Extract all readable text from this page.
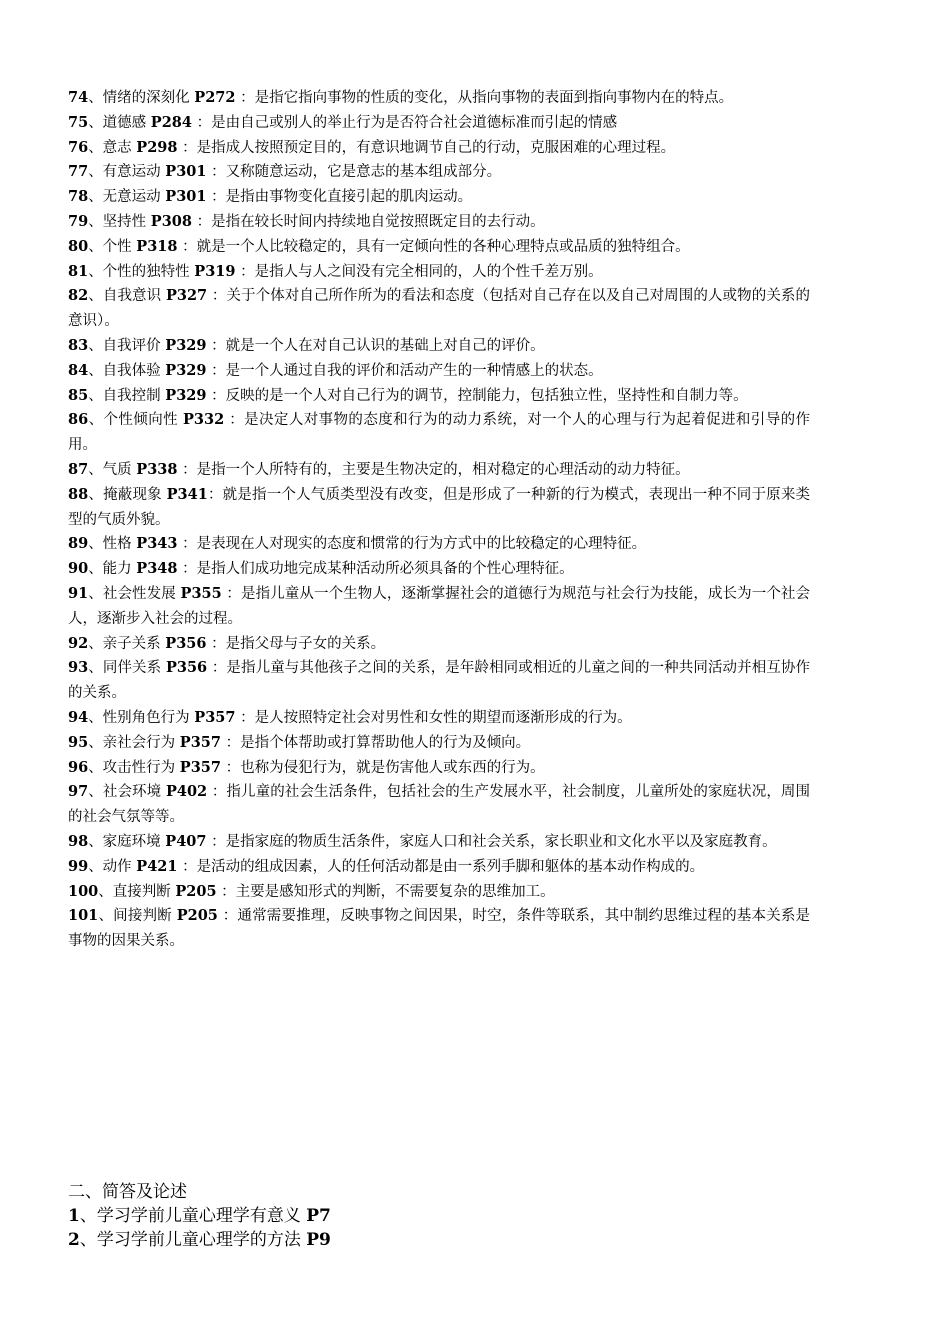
74、情绪的深刻化 P272 ：是指它指向事物的性质的变化，从指向事物的表面到指向事物内在的特点。

75、道德感 P284 ：是由自己或别人的举止行为是否符合社会道德标准而引起的情感

76、意志 P298 ：是指成人按照预定目的，有意识地调节自己的行动，克服困难的心理过程。

77、有意运动 P301 ：又称随意运动，它是意志的基本组成部分。

78、无意运动 P301 ：是指由事物变化直接引起的肌肉运动。

79、坚持性 P308 ：是指在较长时间内持续地自觉按照既定目的去行动。

80、个性 P318 ：就是一个人比较稳定的，具有一定倾向性的各种心理特点或品质的独特组合。

81、个性的独特性 P319 ：是指人与人之间没有完全相同的，人的个性千差万别。

82、自我意识 P327 ：关于个体对自己所作所为的看法和态度（包括对自己存在以及自己对周围的人或物的关系的意识）。

83、自我评价 P329 ：就是一个人在对自己认识的基础上对自己的评价。

84、自我体验 P329 ：是一个人通过自我的评价和活动产生的一种情感上的状态。

85、自我控制 P329 ：反映的是一个人对自己行为的调节，控制能力，包括独立性，坚持性和自制力等。

86、个性倾向性 P332 ：是决定人对事物的态度和行为的动力系统，对一个人的心理与行为起着促进和引导的作用。

87、气质 P338 ：是指一个人所特有的，主要是生物决定的，相对稳定的心理活动的动力特征。

88、掩蔽现象 P341：就是指一个人气质类型没有改变，但是形成了一种新的行为模式，表现出一种不同于原来类型的气质外貌。

89、性格 P343 ：是表现在人对现实的态度和惯常的行为方式中的比较稳定的心理特征。

90、能力 P348 ：是指人们成功地完成某种活动所必须具备的个性心理特征。

91、社会性发展 P355 ：是指儿童从一个生物人，逐渐掌握社会的道德行为规范与社会行为技能，成长为一个社会人，逐渐步入社会的过程。

92、亲子关系 P356 ：是指父母与子女的关系。

93、同伴关系 P356 ：是指儿童与其他孩子之间的关系，是年龄相同或相近的儿童之间的一种共同活动并相互协作的关系。

94、性别角色行为 P357 ：是人按照特定社会对男性和女性的期望而逐渐形成的行为。

95、亲社会行为 P357 ：是指个体帮助或打算帮助他人的行为及倾向。

96、攻击性行为 P357 ：也称为侵犯行为，就是伤害他人或东西的行为。

97、社会环境 P402 ：指儿童的社会生活条件，包括社会的生产发展水平，社会制度，儿童所处的家庭状况，周围的社会气氛等等。

98、家庭环境 P407 ：是指家庭的物质生活条件，家庭人口和社会关系，家长职业和文化水平以及家庭教育。

99、动作 P421 ：是活动的组成因素，人的任何活动都是由一系列手脚和躯体的基本动作构成的。

100、直接判断 P205 ：主要是感知形式的判断，不需要复杂的思维加工。

101、间接判断 P205 ：通常需要推理，反映事物之间因果，时空，条件等联系，其中制约思维过程的基本关系是事物的因果关系。

二、简答及论述

1、学习学前儿童心理学有意义 P7

2、学习学前儿童心理学的方法 P9
